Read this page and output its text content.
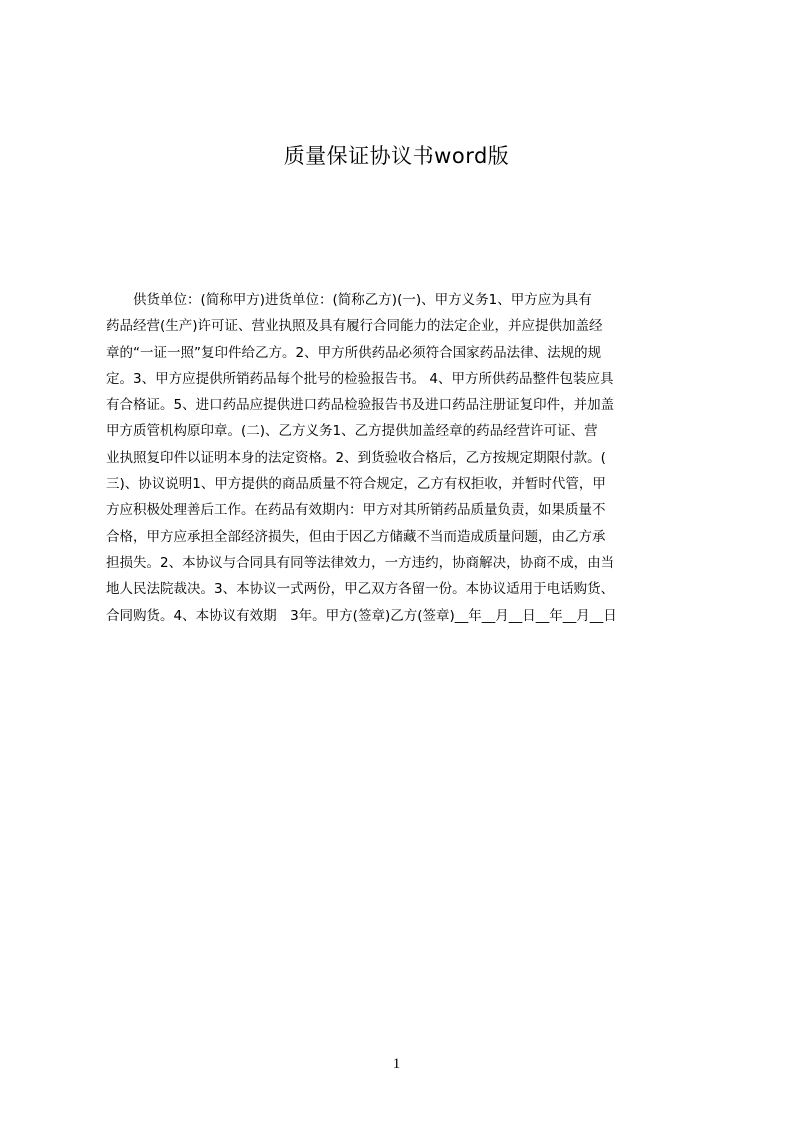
质量保证协议书word版
　　供货单位：(简称甲方)进货单位：(简称乙方)(一)、甲方义务1、甲方应为具有
药品经营(生产)许可证、营业执照及具有履行合同能力的法定企业，并应提供加盖经
章的“一证一照”复印件给乙方。2、甲方所供药品必须符合国家药品法律、法规的规
定。3、甲方应提供所销药品每个批号的检验报告书。 4、甲方所供药品整件包装应具
有合格证。5、进口药品应提供进口药品检验报告书及进口药品注册证复印件，并加盖
甲方质管机构原印章。(二)、乙方义务1、乙方提供加盖经章的药品经营许可证、营
业执照复印件以证明本身的法定资格。2、到货验收合格后，乙方按规定期限付款。(
三)、协议说明1、甲方提供的商品质量不符合规定，乙方有权拒收，并暂时代管，甲
方应积极处理善后工作。在药品有效期内：甲方对其所销药品质量负责，如果质量不
合格，甲方应承担全部经济损失，但由于因乙方储藏不当而造成质量问题，由乙方承
担损失。2、本协议与合同具有同等法律效力，一方违约，协商解决，协商不成，由当
地人民法院裁决。3、本协议一式两份，甲乙双方各留一份。本协议适用于电话购货、
合同购货。4、本协议有效期　3年。甲方(签章)乙方(签章)__年__月__日__年__月__日
1
